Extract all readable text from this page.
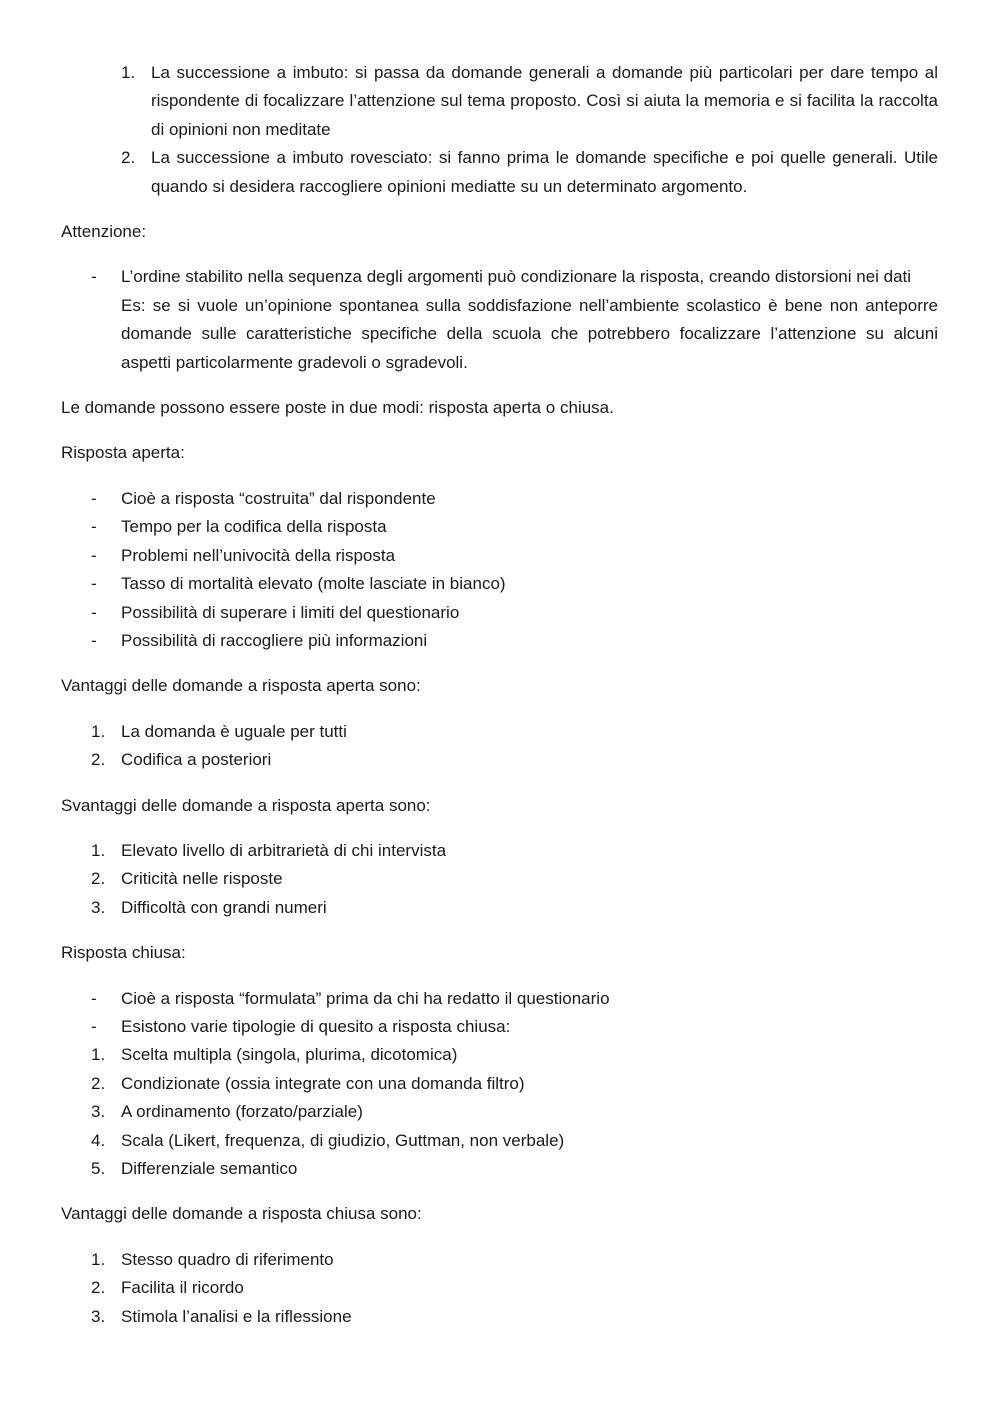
1. La successione a imbuto: si passa da domande generali a domande più particolari per dare tempo al rispondente di focalizzare l’attenzione sul tema proposto. Così si aiuta la memoria e si facilita la raccolta di opinioni non meditate
2. La successione a imbuto rovesciato: si fanno prima le domande specifiche e poi quelle generali. Utile quando si desidera raccogliere opinioni mediatte su un determinato argomento.

Attenzione:

-	L’ordine stabilito nella sequenza degli argomenti può condizionare la risposta, creando distorsioni nei dati
Es: se si vuole un’opinione spontanea sulla soddisfazione nell’ambiente scolastico è bene non anteporre domande sulle caratteristiche specifiche della scuola che potrebbero focalizzare l’attenzione su alcuni aspetti particolarmente gradevoli o sgradevoli.

Le domande possono essere poste in due modi: risposta aperta o chiusa.

Risposta aperta:

-	Cioè a risposta “costruita” dal rispondente
-	Tempo per la codifica della risposta
-	Problemi nell’univocità della risposta
-	Tasso di mortalità elevato (molte lasciate in bianco)
-	Possibilità di superare i limiti del questionario
-	Possibilità di raccogliere più informazioni

Vantaggi delle domande a risposta aperta sono:

1. La domanda è uguale per tutti
2. Codifica a posteriori

Svantaggi delle domande a risposta aperta sono:

1. Elevato livello di arbitrarietà di chi intervista
2. Criticità nelle risposte
3. Difficoltà con grandi numeri

Risposta chiusa:

-	Cioè a risposta “formulata” prima da chi ha redatto il questionario
-	Esistono varie tipologie di quesito a risposta chiusa:
1. Scelta multipla (singola, plurima, dicotomica)
2. Condizionate (ossia integrate con una domanda filtro)
3. A ordinamento (forzato/parziale)
4. Scala (Likert, frequenza, di giudizio, Guttman, non verbale)
5. Differenziale semantico

Vantaggi delle domande a risposta chiusa sono:

1. Stesso quadro di riferimento
2. Facilita il ricordo
3. Stimola l’analisi e la riflessione
